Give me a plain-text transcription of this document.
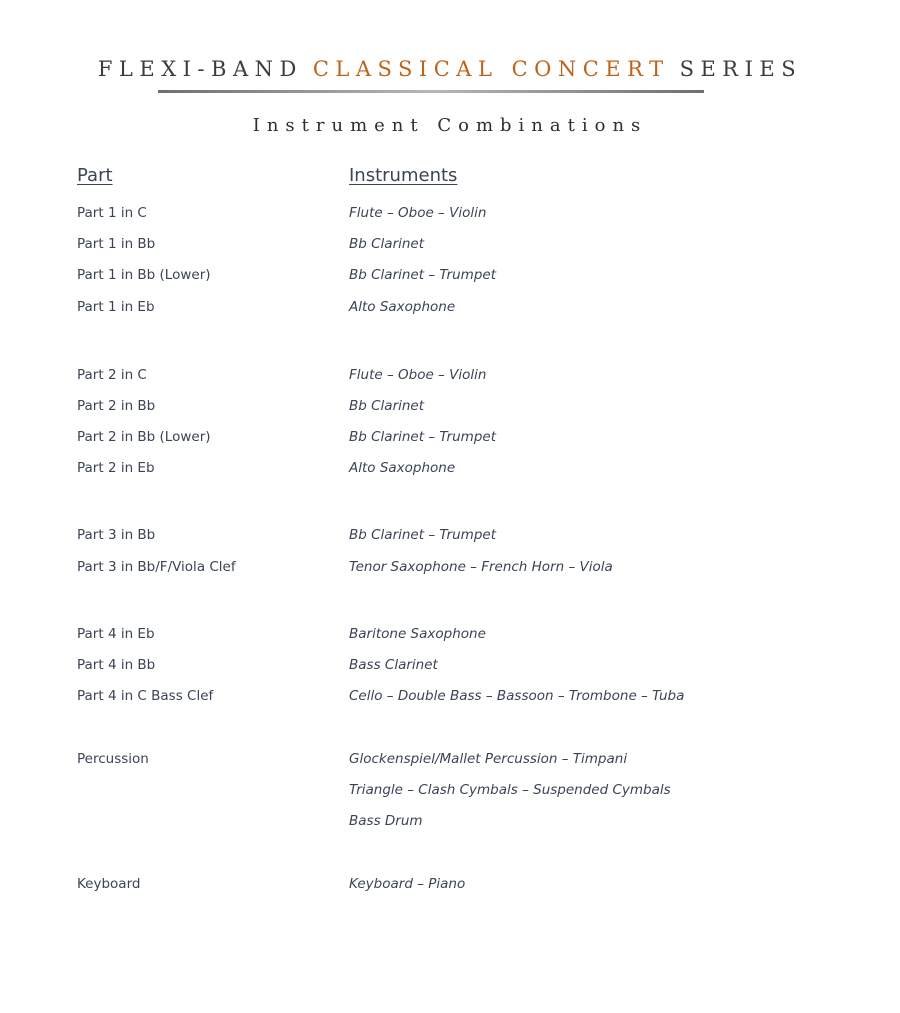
FLEXI-BAND CLASSICAL CONCERT SERIES
Instrument Combinations
Part	Instruments
Part 1 in C	Flute – Oboe – Violin
Part 1 in Bb	Bb Clarinet
Part 1 in Bb (Lower)	Bb Clarinet – Trumpet
Part 1 in Eb	Alto Saxophone
Part 2 in C	Flute – Oboe – Violin
Part 2 in Bb	Bb Clarinet
Part 2 in Bb (Lower)	Bb Clarinet – Trumpet
Part 2 in Eb	Alto Saxophone
Part 3 in Bb	Bb Clarinet – Trumpet
Part 3 in Bb/F/Viola Clef	Tenor Saxophone – French Horn – Viola
Part 4 in Eb	Baritone Saxophone
Part 4 in Bb	Bass Clarinet
Part 4 in C Bass Clef	Cello – Double Bass – Bassoon – Trombone – Tuba
Percussion	Glockenspiel/Mallet Percussion – Timpani
Triangle – Clash Cymbals – Suspended Cymbals
Bass Drum
Keyboard	Keyboard – Piano
